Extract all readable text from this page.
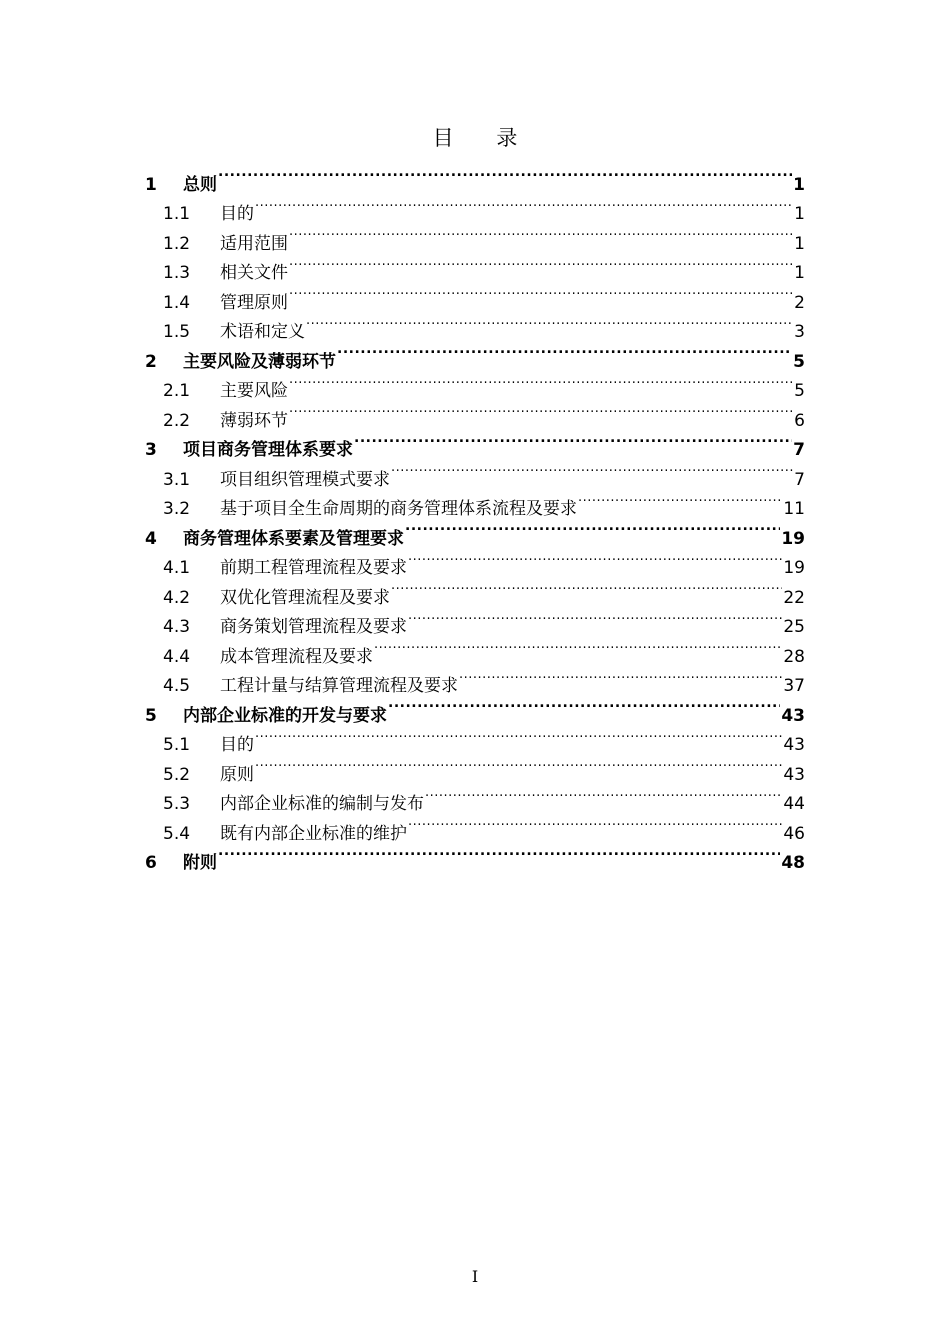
目 录
1	总则 .....	1
1.1	目的 .....	1
1.2	适用范围 .....	1
1.3	相关文件 .....	1
1.4	管理原则 .....	2
1.5	术语和定义 .....	3
2	主要风险及薄弱环节 .....	5
2.1	主要风险 .....	5
2.2	薄弱环节 .....	6
3	项目商务管理体系要求 .....	7
3.1	项目组织管理模式要求 .....	7
3.2	基于项目全生命周期的商务管理体系流程及要求 .....	11
4	商务管理体系要素及管理要求 .....	19
4.1	前期工程管理流程及要求 .....	19
4.2	双优化管理流程及要求 .....	22
4.3	商务策划管理流程及要求 .....	25
4.4	成本管理流程及要求 .....	28
4.5	工程计量与结算管理流程及要求 .....	37
5	内部企业标准的开发与要求 .....	43
5.1	目的 .....	43
5.2	原则 .....	43
5.3	内部企业标准的编制与发布 .....	44
5.4	既有内部企业标准的维护 .....	46
6	附则 .....	48
I
